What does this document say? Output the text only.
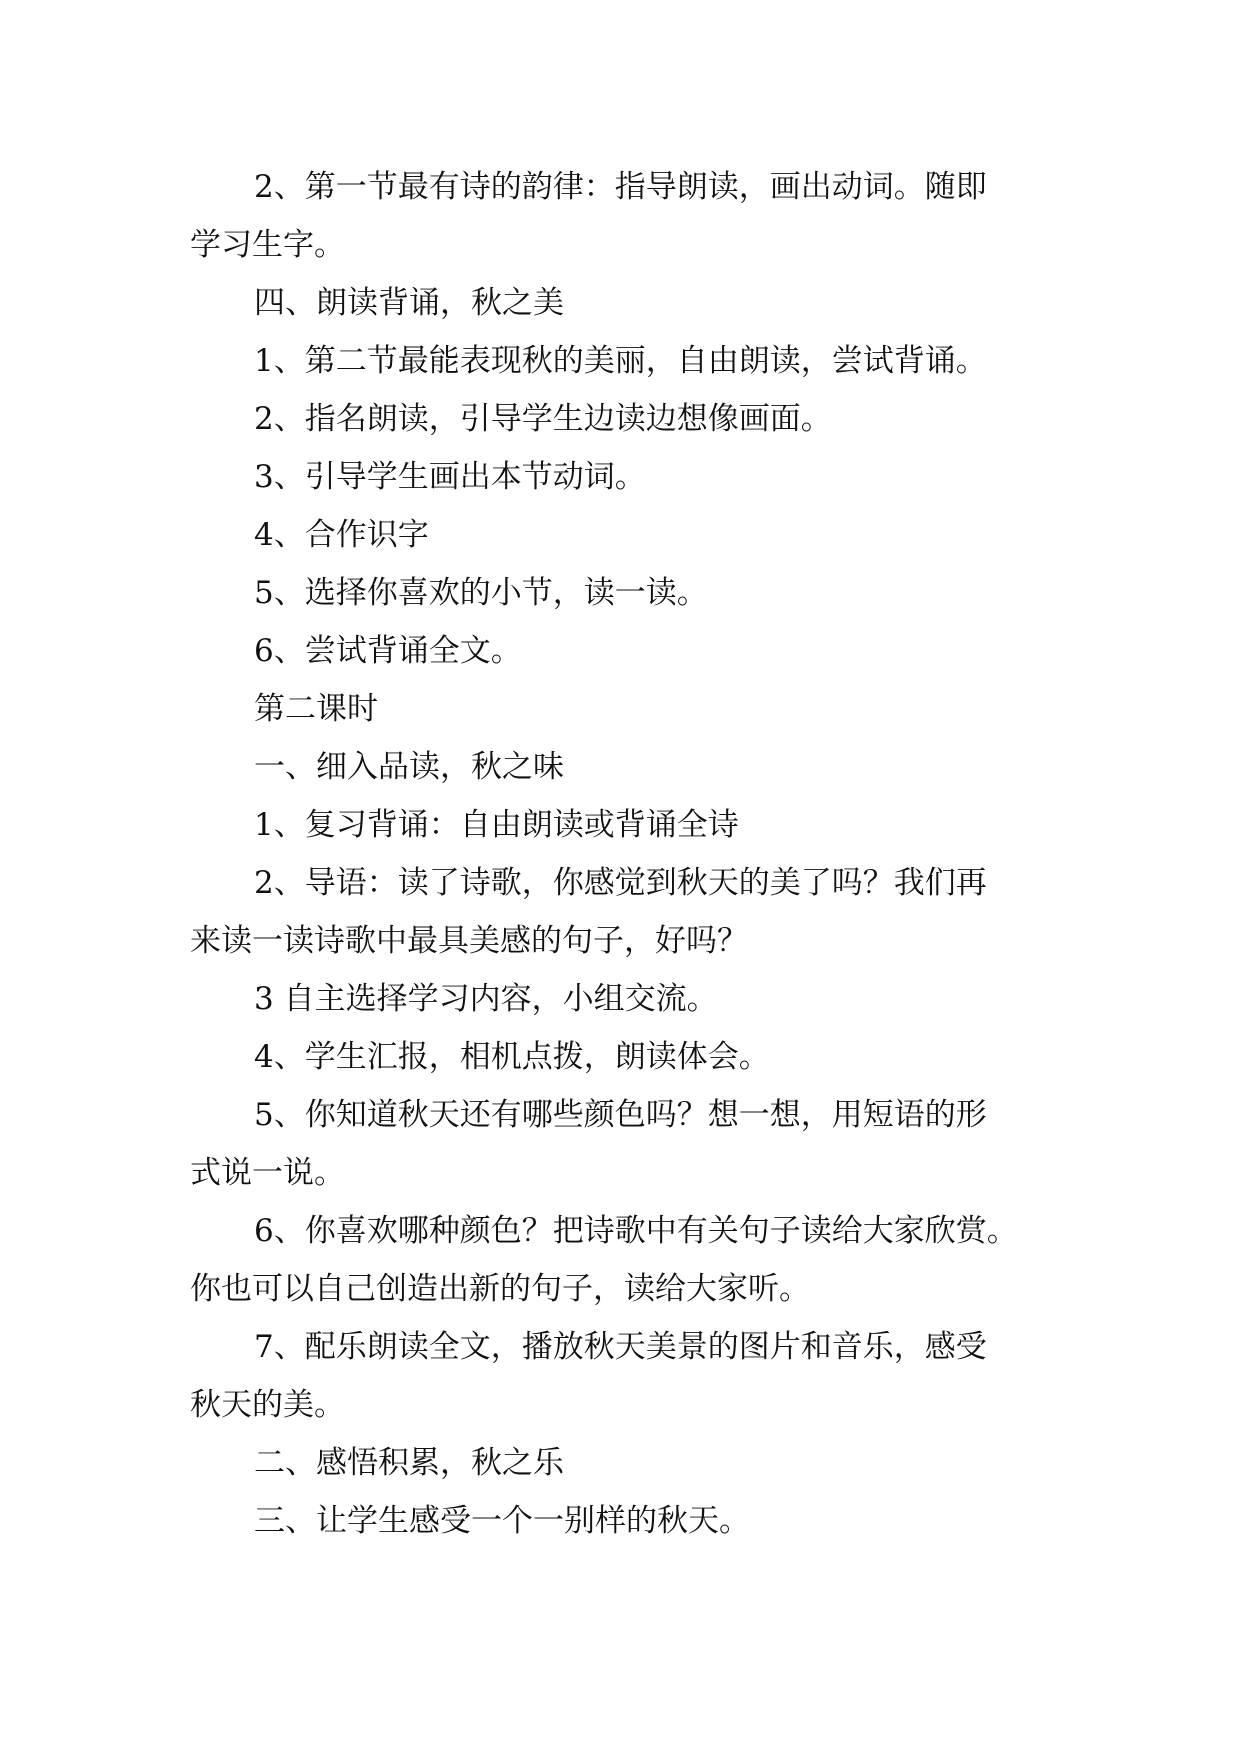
2、第一节最有诗的韵律：指导朗读，画出动词。随即
学习生字。

四、朗读背诵，秋之美

1、第二节最能表现秋的美丽，自由朗读，尝试背诵。

2、指名朗读，引导学生边读边想像画面。

3、引导学生画出本节动词。

4、合作识字

5、选择你喜欢的小节，读一读。

6、尝试背诵全文。

第二课时

一、细入品读，秋之味

1、复习背诵：自由朗读或背诵全诗

2、导语：读了诗歌，你感觉到秋天的美了吗？我们再
来读一读诗歌中最具美感的句子，好吗？

3 自主选择学习内容，小组交流。

4、学生汇报，相机点拨，朗读体会。

5、你知道秋天还有哪些颜色吗？想一想，用短语的形
式说一说。

6、你喜欢哪种颜色？把诗歌中有关句子读给大家欣赏。
你也可以自己创造出新的句子，读给大家听。

7、配乐朗读全文，播放秋天美景的图片和音乐，感受
秋天的美。

二、感悟积累，秋之乐

三、让学生感受一个一别样的秋天。
